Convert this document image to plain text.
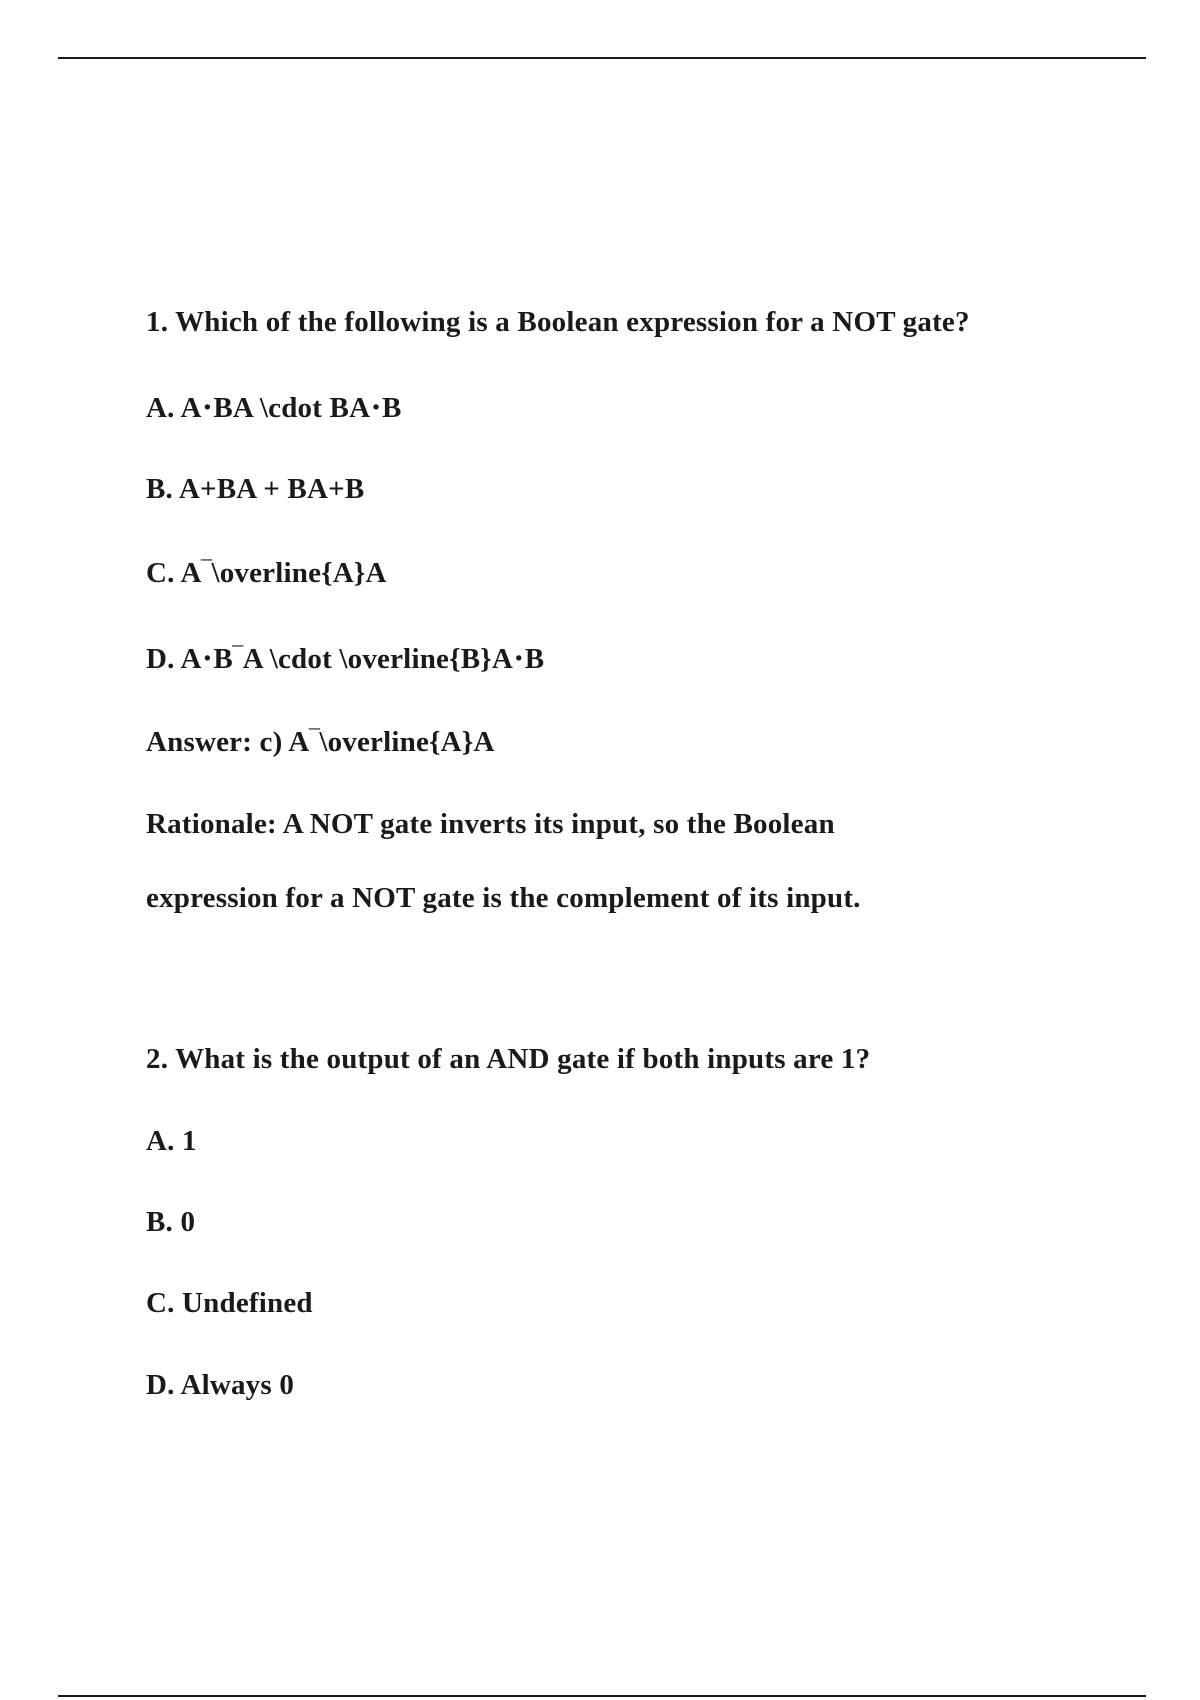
1. Which of the following is a Boolean expression for a NOT gate?
A. A⋅BA \cdot BA⋅B
B. A+BA + BA+B
C. A‾\overline{A}A
D. A⋅B‾A \cdot \overline{B}A⋅B
Answer: c) A‾\overline{A}A
Rationale: A NOT gate inverts its input, so the Boolean
expression for a NOT gate is the complement of its input.
2. What is the output of an AND gate if both inputs are 1?
A. 1
B. 0
C. Undefined
D. Always 0
